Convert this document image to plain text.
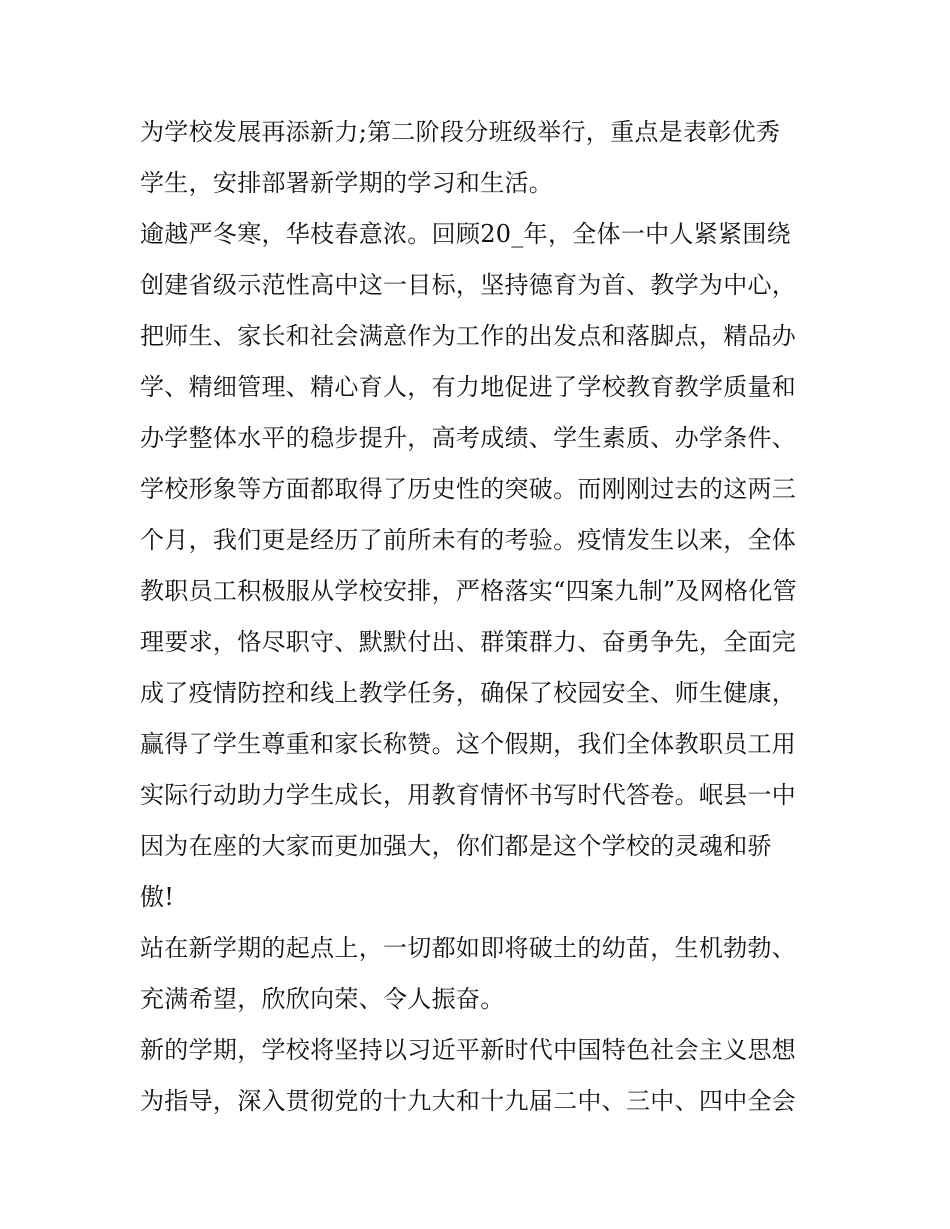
为学校发展再添新力;第二阶段分班级举行，重点是表彰优秀
学生，安排部署新学期的学习和生活。
逾越严冬寒，华枝春意浓。回顾20_年，全体一中人紧紧围绕
创建省级示范性高中这一目标，坚持德育为首、教学为中心，
把师生、家长和社会满意作为工作的出发点和落脚点，精品办
学、精细管理、精心育人，有力地促进了学校教育教学质量和
办学整体水平的稳步提升，高考成绩、学生素质、办学条件、
学校形象等方面都取得了历史性的突破。而刚刚过去的这两三
个月，我们更是经历了前所未有的考验。疫情发生以来，全体
教职员工积极服从学校安排，严格落实“四案九制”及网格化管
理要求，恪尽职守、默默付出、群策群力、奋勇争先，全面完
成了疫情防控和线上教学任务，确保了校园安全、师生健康，
赢得了学生尊重和家长称赞。这个假期，我们全体教职员工用
实际行动助力学生成长，用教育情怀书写时代答卷。岷县一中
因为在座的大家而更加强大，你们都是这个学校的灵魂和骄
傲!
站在新学期的起点上，一切都如即将破土的幼苗，生机勃勃、
充满希望，欣欣向荣、令人振奋。
新的学期，学校将坚持以习近平新时代中国特色社会主义思想
为指导，深入贯彻党的十九大和十九届二中、三中、四中全会
